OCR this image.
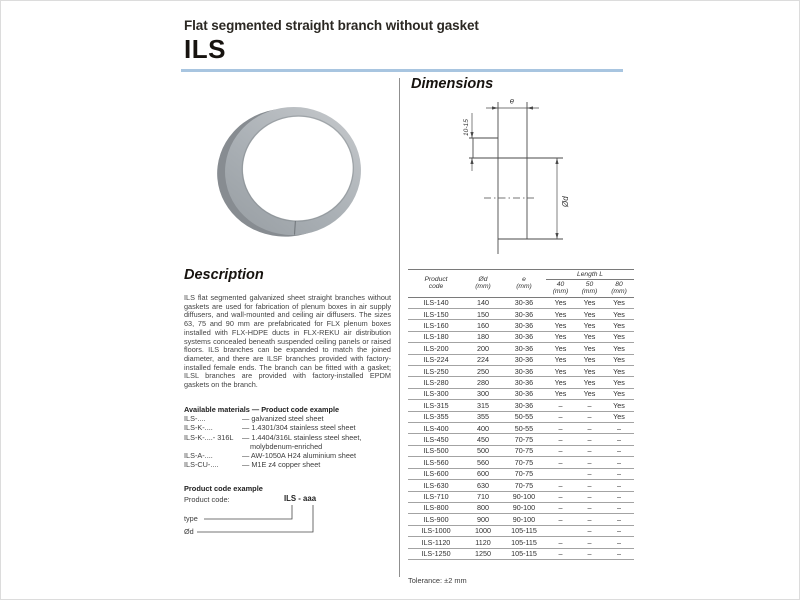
Flat segmented straight branch without gasket
ILS
Description
ILS flat segmented galvanized sheet straight branches without gaskets are used for fabrication of plenum boxes in air supply diffusers, and wall-mounted and ceiling air diffusers. The sizes 63, 75 and 90 mm are prefabricated for FLX plenum boxes installed with FLX-HDPE ducts in FLX-REKU air distribution systems concealed beneath suspended ceiling panels or raised floors. ILS branches can be expanded to match the joined diameter, and there are ILSF branches provided with factory-installed female ends. The branch can be fitted with a gasket; ILSL branches are provided with factory-installed EPDM gaskets on the branch.
Available materials — Product code example
ILS-....	— galvanized steel sheet
ILS-K-....	— 1.4301/304 stainless steel sheet
ILS-K-....- 316L	— 1.4404/316L stainless steel sheet, molybdenum-enriched
ILS-A-....	— AW-1050A H24 aluminium sheet
ILS-CU-....	— M1E z4 copper sheet
Product code example
Product code:	ILS - aaa
type
Ød
Dimensions
e
10-15
Ød
Product
code

Ød
(mm)

e
(mm)
	Length L

40
(mm)

50
(mm)

80
(mm)

ILS-140	140	30-36	Yes	Yes	Yes
ILS-150	150	30-36	Yes	Yes	Yes
ILS-160	160	30-36	Yes	Yes	Yes
ILS-180	180	30-36	Yes	Yes	Yes
ILS-200	200	30-36	Yes	Yes	Yes
ILS-224	224	30-36	Yes	Yes	Yes
ILS-250	250	30-36	Yes	Yes	Yes
ILS-280	280	30-36	Yes	Yes	Yes
ILS-300	300	30-36	Yes	Yes	Yes
ILS-315	315	30-36	–	–	Yes
ILS-355	355	50-55	–	–	Yes
ILS-400	400	50-55	–	–	–
ILS-450	450	70-75	–	–	–
ILS-500	500	70-75	–	–	–
ILS-560	560	70-75	–	–	–
ILS-600	600	70-75		–	–
ILS-630	630	70-75	–	–	–
ILS-710	710	90-100	–	–	–
ILS-800	800	90-100	–	–	–
ILS-900	900	90-100	–	–	–
ILS-1000	1000	105-115		–	–
ILS-1120	1120	105-115	–	–	–
ILS-1250	1250	105-115	–	–	–
Tolerance: ±2 mm
